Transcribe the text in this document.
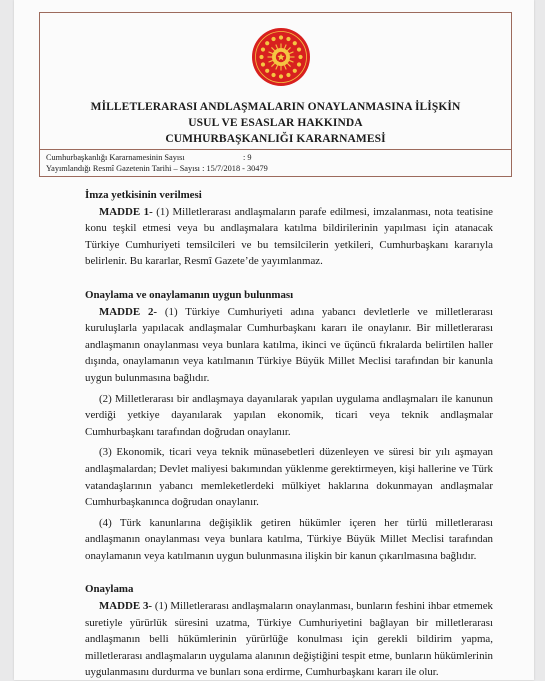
MİLLETLERARASI ANDLAŞMALARIN ONAYLANMASINA İLİŞKİN
USUL VE ESASLAR HAKKINDA
CUMHURBAŞKANLIĞI KARARNAMESİ
Cumhurbaşkanlığı Kararnamesinin Sayısı	: 9
Yayımlandığı Resmî Gazetenin Tarihi – Sayısı : 15/7/2018 - 30479

İmza yetkisinin verilmesi

MADDE 1- (1) Milletlerarası andlaşmaların parafe edilmesi, imzalanması, nota teatisine konu teşkil etmesi veya bu andlaşmalara katılma bildirilerinin yapılması için atanacak Türkiye Cumhuriyeti temsilcileri ve bu temsilcilerin yetkileri, Cumhurbaşkanı kararıyla belirlenir. Bu kararlar, Resmî Gazete’de yayımlanmaz.

Onaylama ve onaylamanın uygun bulunması

MADDE 2- (1) Türkiye Cumhuriyeti adına yabancı devletlerle ve milletlerarası kuruluşlarla yapılacak andlaşmalar Cumhurbaşkanı kararı ile onaylanır. Bir milletlerarası andlaşmanın onaylanması veya bunlara katılma, ikinci ve üçüncü fıkralarda belirtilen haller dışında, onaylamanın veya katılmanın Türkiye Büyük Millet Meclisi tarafından bir kanunla uygun bulunmasına bağlıdır.

(2) Milletlerarası bir andlaşmaya dayanılarak yapılan uygulama andlaşmaları ile kanunun verdiği yetkiye dayanılarak yapılan ekonomik, ticari veya teknik andlaşmalar Cumhurbaşkanı tarafından doğrudan onaylanır.

(3) Ekonomik, ticari veya teknik münasebetleri düzenleyen ve süresi bir yılı aşmayan andlaşmalardan; Devlet maliyesi bakımından yüklenme gerektirmeyen, kişi hallerine ve Türk vatandaşlarının yabancı memleketlerdeki mülkiyet haklarına dokunmayan andlaşmalar Cumhurbaşkanınca doğrudan onaylanır.

(4) Türk kanunlarına değişiklik getiren hükümler içeren her türlü milletlerarası andlaşmanın onaylanması veya bunlara katılma, Türkiye Büyük Millet Meclisi tarafından onaylamanın veya katılmanın uygun bulunmasına ilişkin bir kanun çıkarılmasına bağlıdır.

Onaylama

MADDE 3- (1) Milletlerarası andlaşmaların onaylanması, bunların feshini ihbar etmemek suretiyle yürürlük süresini uzatma, Türkiye Cumhuriyetini bağlayan bir milletlerarası andlaşmanın belli hükümlerinin yürürlüğe konulması için gerekli bildirim yapma, milletlerarası andlaşmaların uygulama alanının değiştiğini tespit etme, bunların hükümlerinin uygulanmasını durdurma ve bunları sona erdirme, Cumhurbaşkanı kararı ile olur.
